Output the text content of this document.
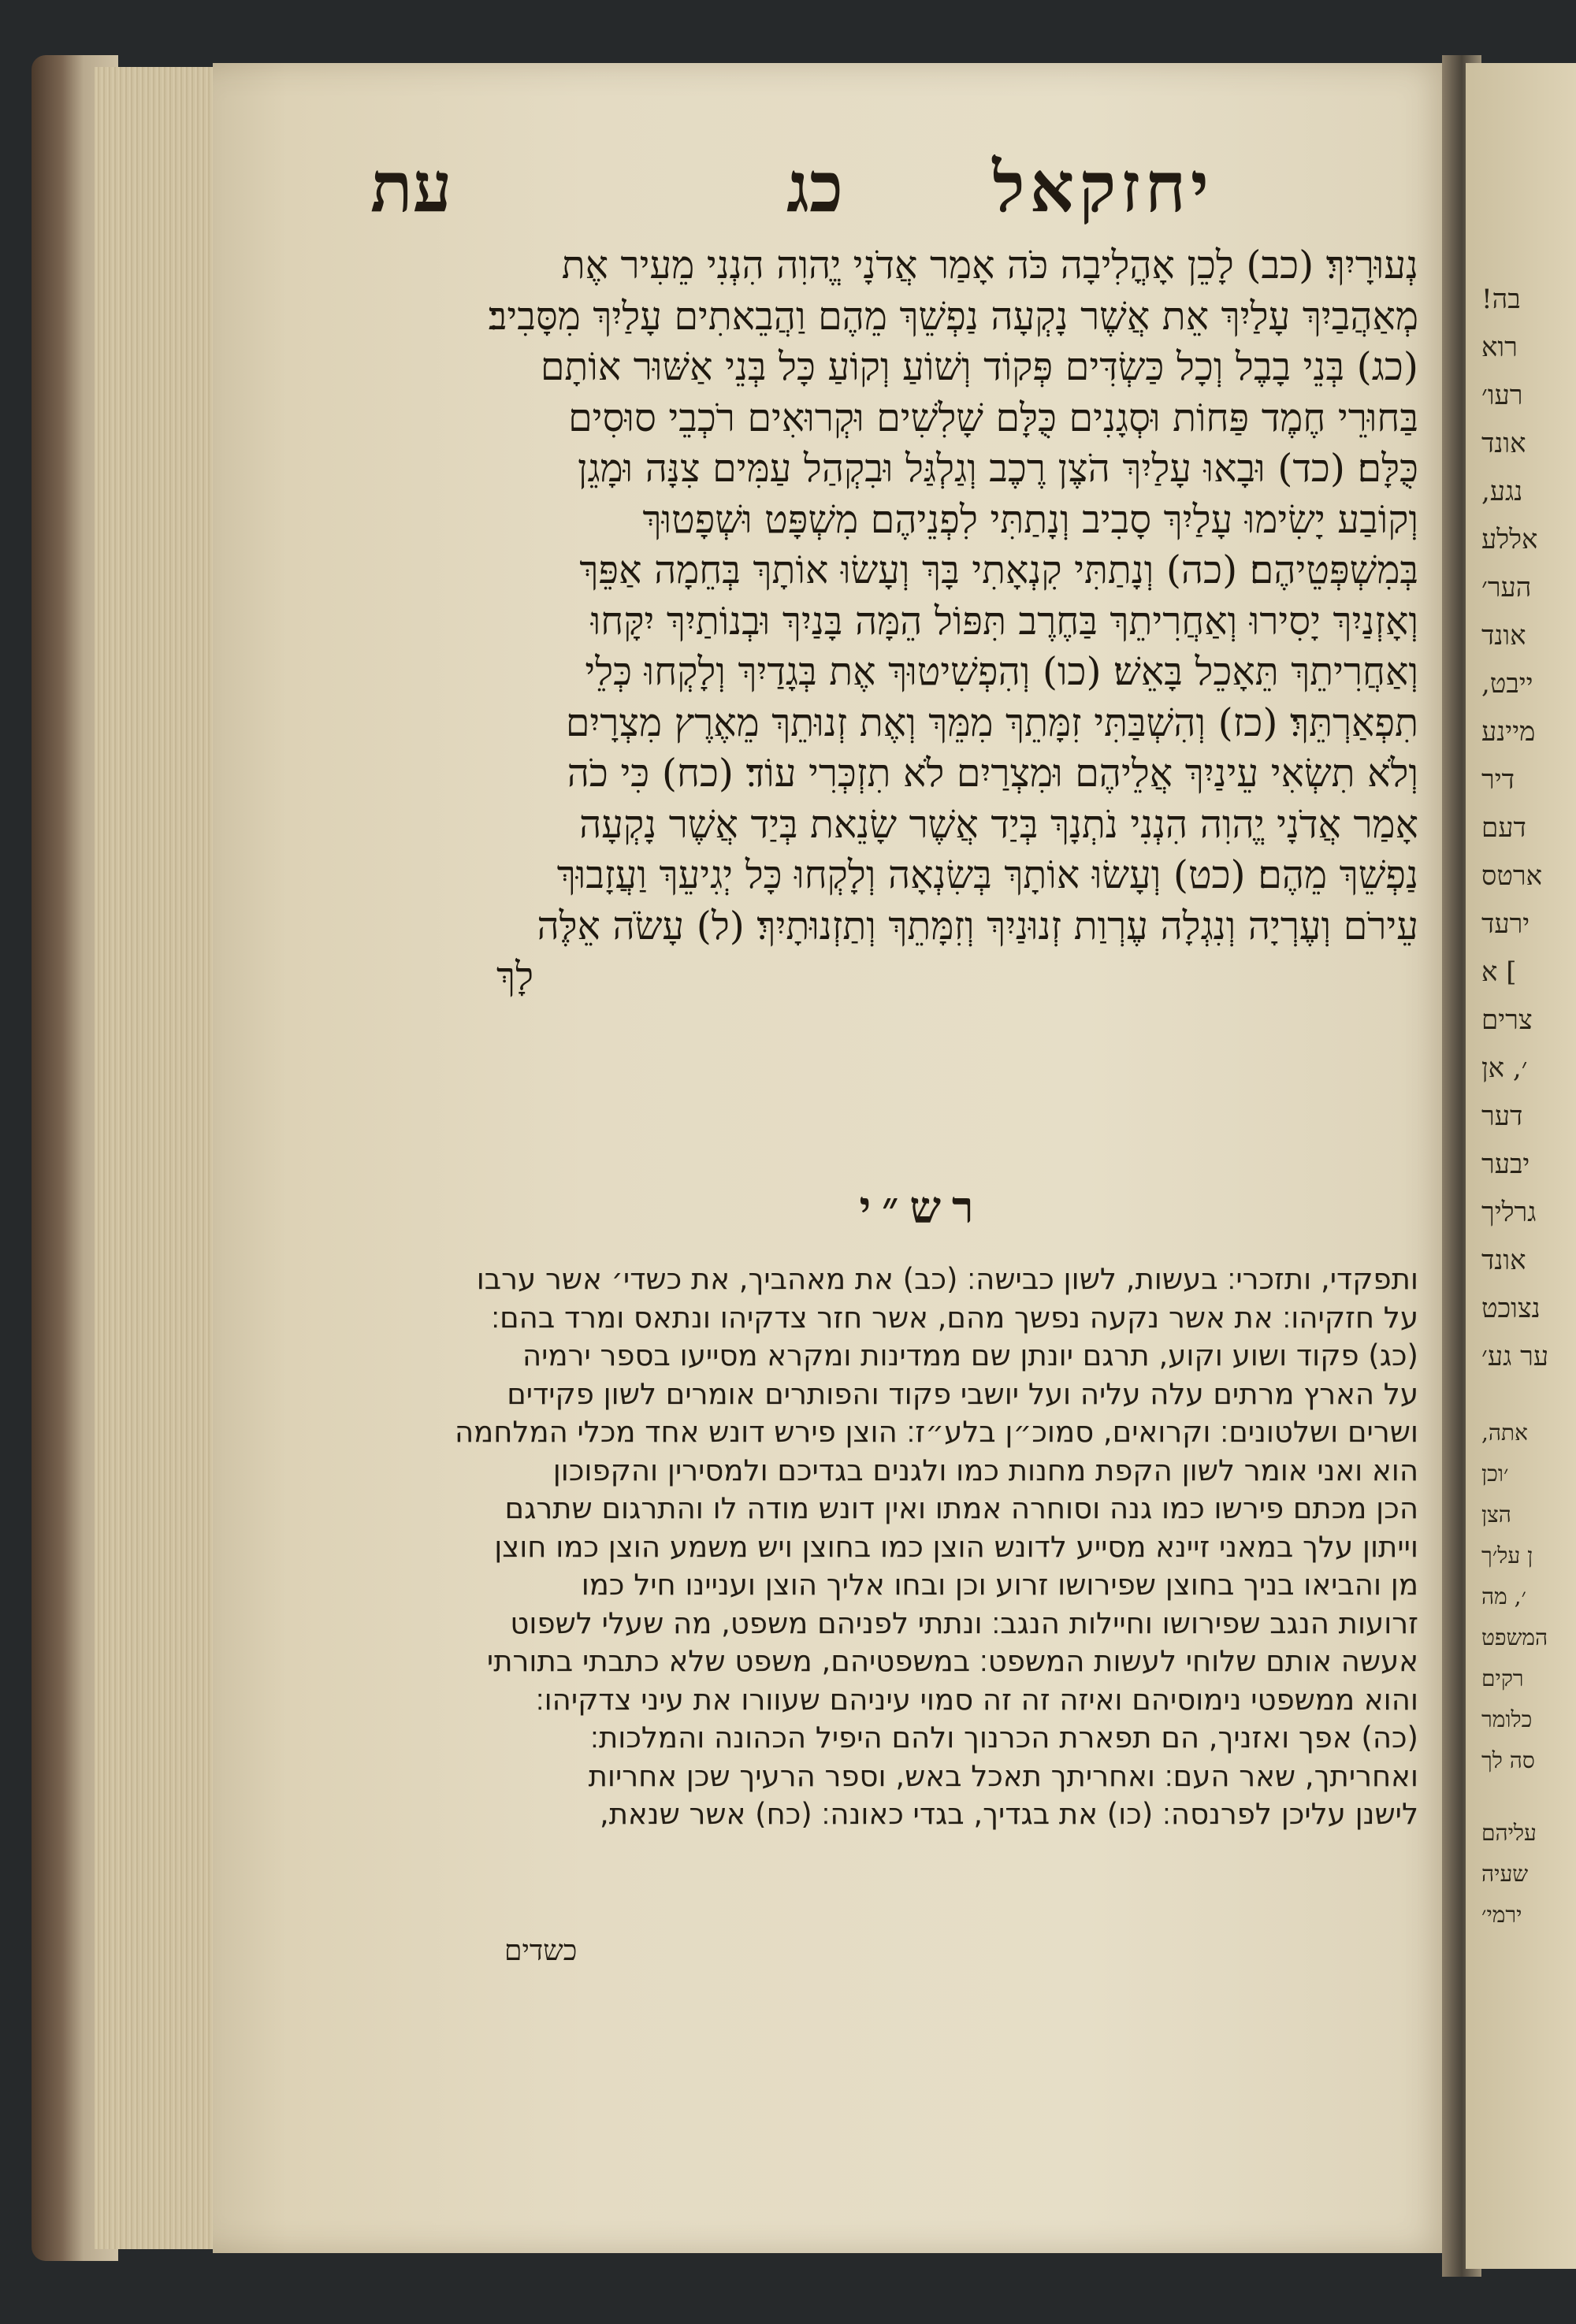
יחזקאל
כג
עת
נְעוּרָיִךְ׃ (כב) לָכֵן אָהֳלִיבָה כֹּה אָמַר אֲדֹנָי יֱהוִה הִנְנִי מֵעִיר אֶת
מְאַהֲבַיִךְ עָלַיִךְ אֵת אֲשֶׁר נָקְעָה נַפְשֵׁךְ מֵהֶם וַהֲבֵאתִים עָלַיִךְ מִסָּבִיב׃
(כג) בְּנֵי בָבֶל וְכָל כַּשְׂדִּים פְּקוֹד וְשׁוֹעַ וְקוֹעַ כָּל בְּנֵי אַשּׁוּר אוֹתָם
בַּחוּרֵי חֶמֶד פַּחוֹת וּסְגָנִים כֻּלָּם שָׁלִשִׁים וּקְרוּאִים רֹכְבֵי סוּסִים
כֻּלָּם׃ (כד) וּבָאוּ עָלַיִךְ הֹצֶן רֶכֶב וְגַלְגַּל וּבִקְהַל עַמִּים צִנָּה וּמָגֵן
וְקוֹבַע יָשִׂימוּ עָלַיִךְ סָבִיב וְנָתַתִּי לִפְנֵיהֶם מִשְׁפָּט וּשְׁפָטוּךְ
בְּמִשְׁפְּטֵיהֶם׃ (כה) וְנָתַתִּי קִנְאָתִי בָּךְ וְעָשׂוּ אוֹתָךְ בְּחֵמָה אַפֵּךְ
וְאָזְנַיִךְ יָסִירוּ וְאַחֲרִיתֵךְ בַּחֶרֶב תִּפּוֹל הֵמָּה בָּנַיִךְ וּבְנוֹתַיִךְ יִקָּחוּ
וְאַחֲרִיתֵךְ תֵּאָכֵל בָּאֵשׁ׃ (כו) וְהִפְשִׁיטוּךְ אֶת בְּגָדַיִךְ וְלָקְחוּ כְּלֵי
תִפְאַרְתֵּךְ׃ (כז) וְהִשְׁבַּתִּי זִמָּתֵךְ מִמֵּךְ וְאֶת זְנוּתֵךְ מֵאֶרֶץ מִצְרָיִם
וְלֹא תִשְׂאִי עֵינַיִךְ אֲלֵיהֶם וּמִצְרַיִם לֹא תִזְכְּרִי עוֹד׃ (כח) כִּי כֹה
אָמַר אֲדֹנָי יֱהוִה הִנְנִי נֹתְנָךְ בְּיַד אֲשֶׁר שָׂנֵאת בְּיַד אֲשֶׁר נָקְעָה
נַפְשֵׁךְ מֵהֶם׃ (כט) וְעָשׂוּ אוֹתָךְ בְּשִׂנְאָה וְלָקְחוּ כָּל יְגִיעֵךְ וַעֲזָבוּךְ
עֵירֹם וְעֶרְיָה וְנִגְלָה עֶרְוַת זְנוּנַיִךְ וְזִמָּתֵךְ וְתַזְנוּתָיִךְ׃ (ל) עָשֹׂה אֵלֶּה
לָךְ
רש״י
ותפקדי, ותזכרי׃ בעשות, לשון כבישה׃ (כב) את מאהביך, את כשדי׳ אשר ערבו
על חזקיהו׃ את אשר נקעה נפשך מהם, אשר חזר צדקיהו ונתאס ומרד בהם׃
(כג) פקוד ושוע וקוע, תרגם יונתן שם ממדינות ומקרא מסייעו בספר ירמיה
על הארץ מרתים עלה עליה ועל יושבי פקוד והפותרים אומרים לשון פקידים
ושרים ושלטונים׃ וקרואים, סמוכ״ן בלע״ז׃ הוצן פירש דונש אחד מכלי המלחמה
הוא ואני אומר לשון הקפת מחנות כמו ולגנים בגדיכם ולמסירין והקפוכון
הכן מכתם פירשו כמו גנה וסוחרה אמתו ואין דונש מודה לו והתרגום שתרגם
וייתון עלך במאני זיינא מסייע לדונש הוצן כמו בחוצן ויש משמע הוצן כמו חוצן
מן והביאו בניך בחוצן שפירושו זרוע וכן ובחו אליך הוצן ועניינו חיל כמו
זרועות הנגב שפירושו וחיילות הנגב׃ ונתתי לפניהם משפט, מה שעלי לשפוט
אעשה אותם שלוחי לעשות המשפט׃ במשפטיהם, משפט שלא כתבתי בתורתי
והוא ממשפטי נימוסיהם ואיזה זה זה סמוי עיניהם שעוורו את עיני צדקיהו׃
(כה) אפך ואזניך, הם תפארת הכרנוך ולהם היפיל הכהונה והמלכות׃
ואחריתך, שאר העם׃ ואחריתך תאכל באש, וספר הרעיך שכן אחריות
לישנן עליכן לפרנסה׃ (כו) את בגדיך, בגדי כאונה׃ (כח) אשר שנאת,
כשדים
בה!
רוא
רעו׳
אונד
נגע,
אללע
הער׳
אונד
ייבט,
מיינע
דיר
דעם
ארטס
ירעד
] א
צרים
׳, אן
דער
יבער
גרליך
אונד
נצוכט
ער גע׳
אתה,
׳וכן
הצן
ן על׳ך
׳, מה
המשפט
רקים
כלומר
סה לך
עליהם
שעיה
ירמי׳
